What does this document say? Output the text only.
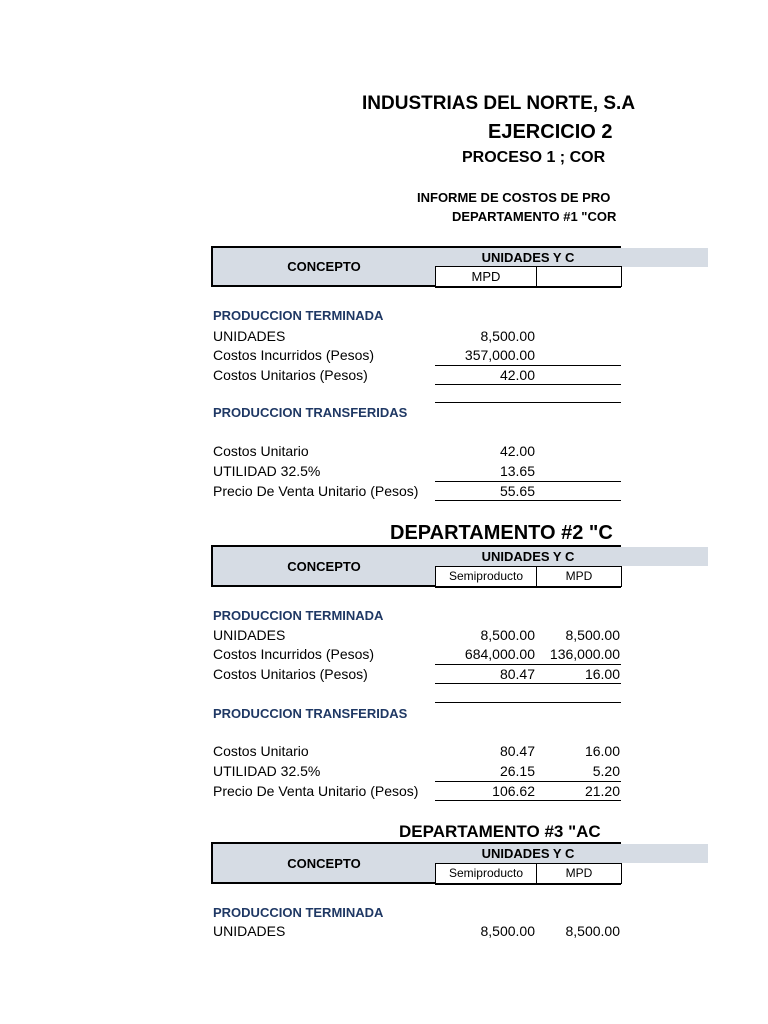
INDUSTRIAS DEL NORTE, S.A
EJERCICIO 2
PROCESO 1 ; COR
INFORME DE COSTOS DE PRO
DEPARTAMENTO #1 "COR
CONCEPTO
UNIDADES Y C
MPD
PRODUCCION TERMINADA
UNIDADES	8,500.00
Costos Incurridos (Pesos)	357,000.00
Costos Unitarios (Pesos)	42.00
PRODUCCION TRANSFERIDAS
Costos Unitario	42.00
UTILIDAD 32.5%	13.65
Precio De Venta Unitario (Pesos)	55.65
DEPARTAMENTO #2 "C
CONCEPTO
UNIDADES Y C
Semiproducto	MPD
PRODUCCION TERMINADA
UNIDADES	8,500.00	8,500.00
Costos Incurridos (Pesos)	684,000.00	136,000.00
Costos Unitarios (Pesos)	80.47	16.00
PRODUCCION TRANSFERIDAS
Costos Unitario	80.47	16.00
UTILIDAD 32.5%	26.15	5.20
Precio De Venta Unitario (Pesos)	106.62	21.20
DEPARTAMENTO #3 "AC
CONCEPTO
UNIDADES Y C
Semiproducto	MPD
PRODUCCION TERMINADA
UNIDADES	8,500.00	8,500.00
